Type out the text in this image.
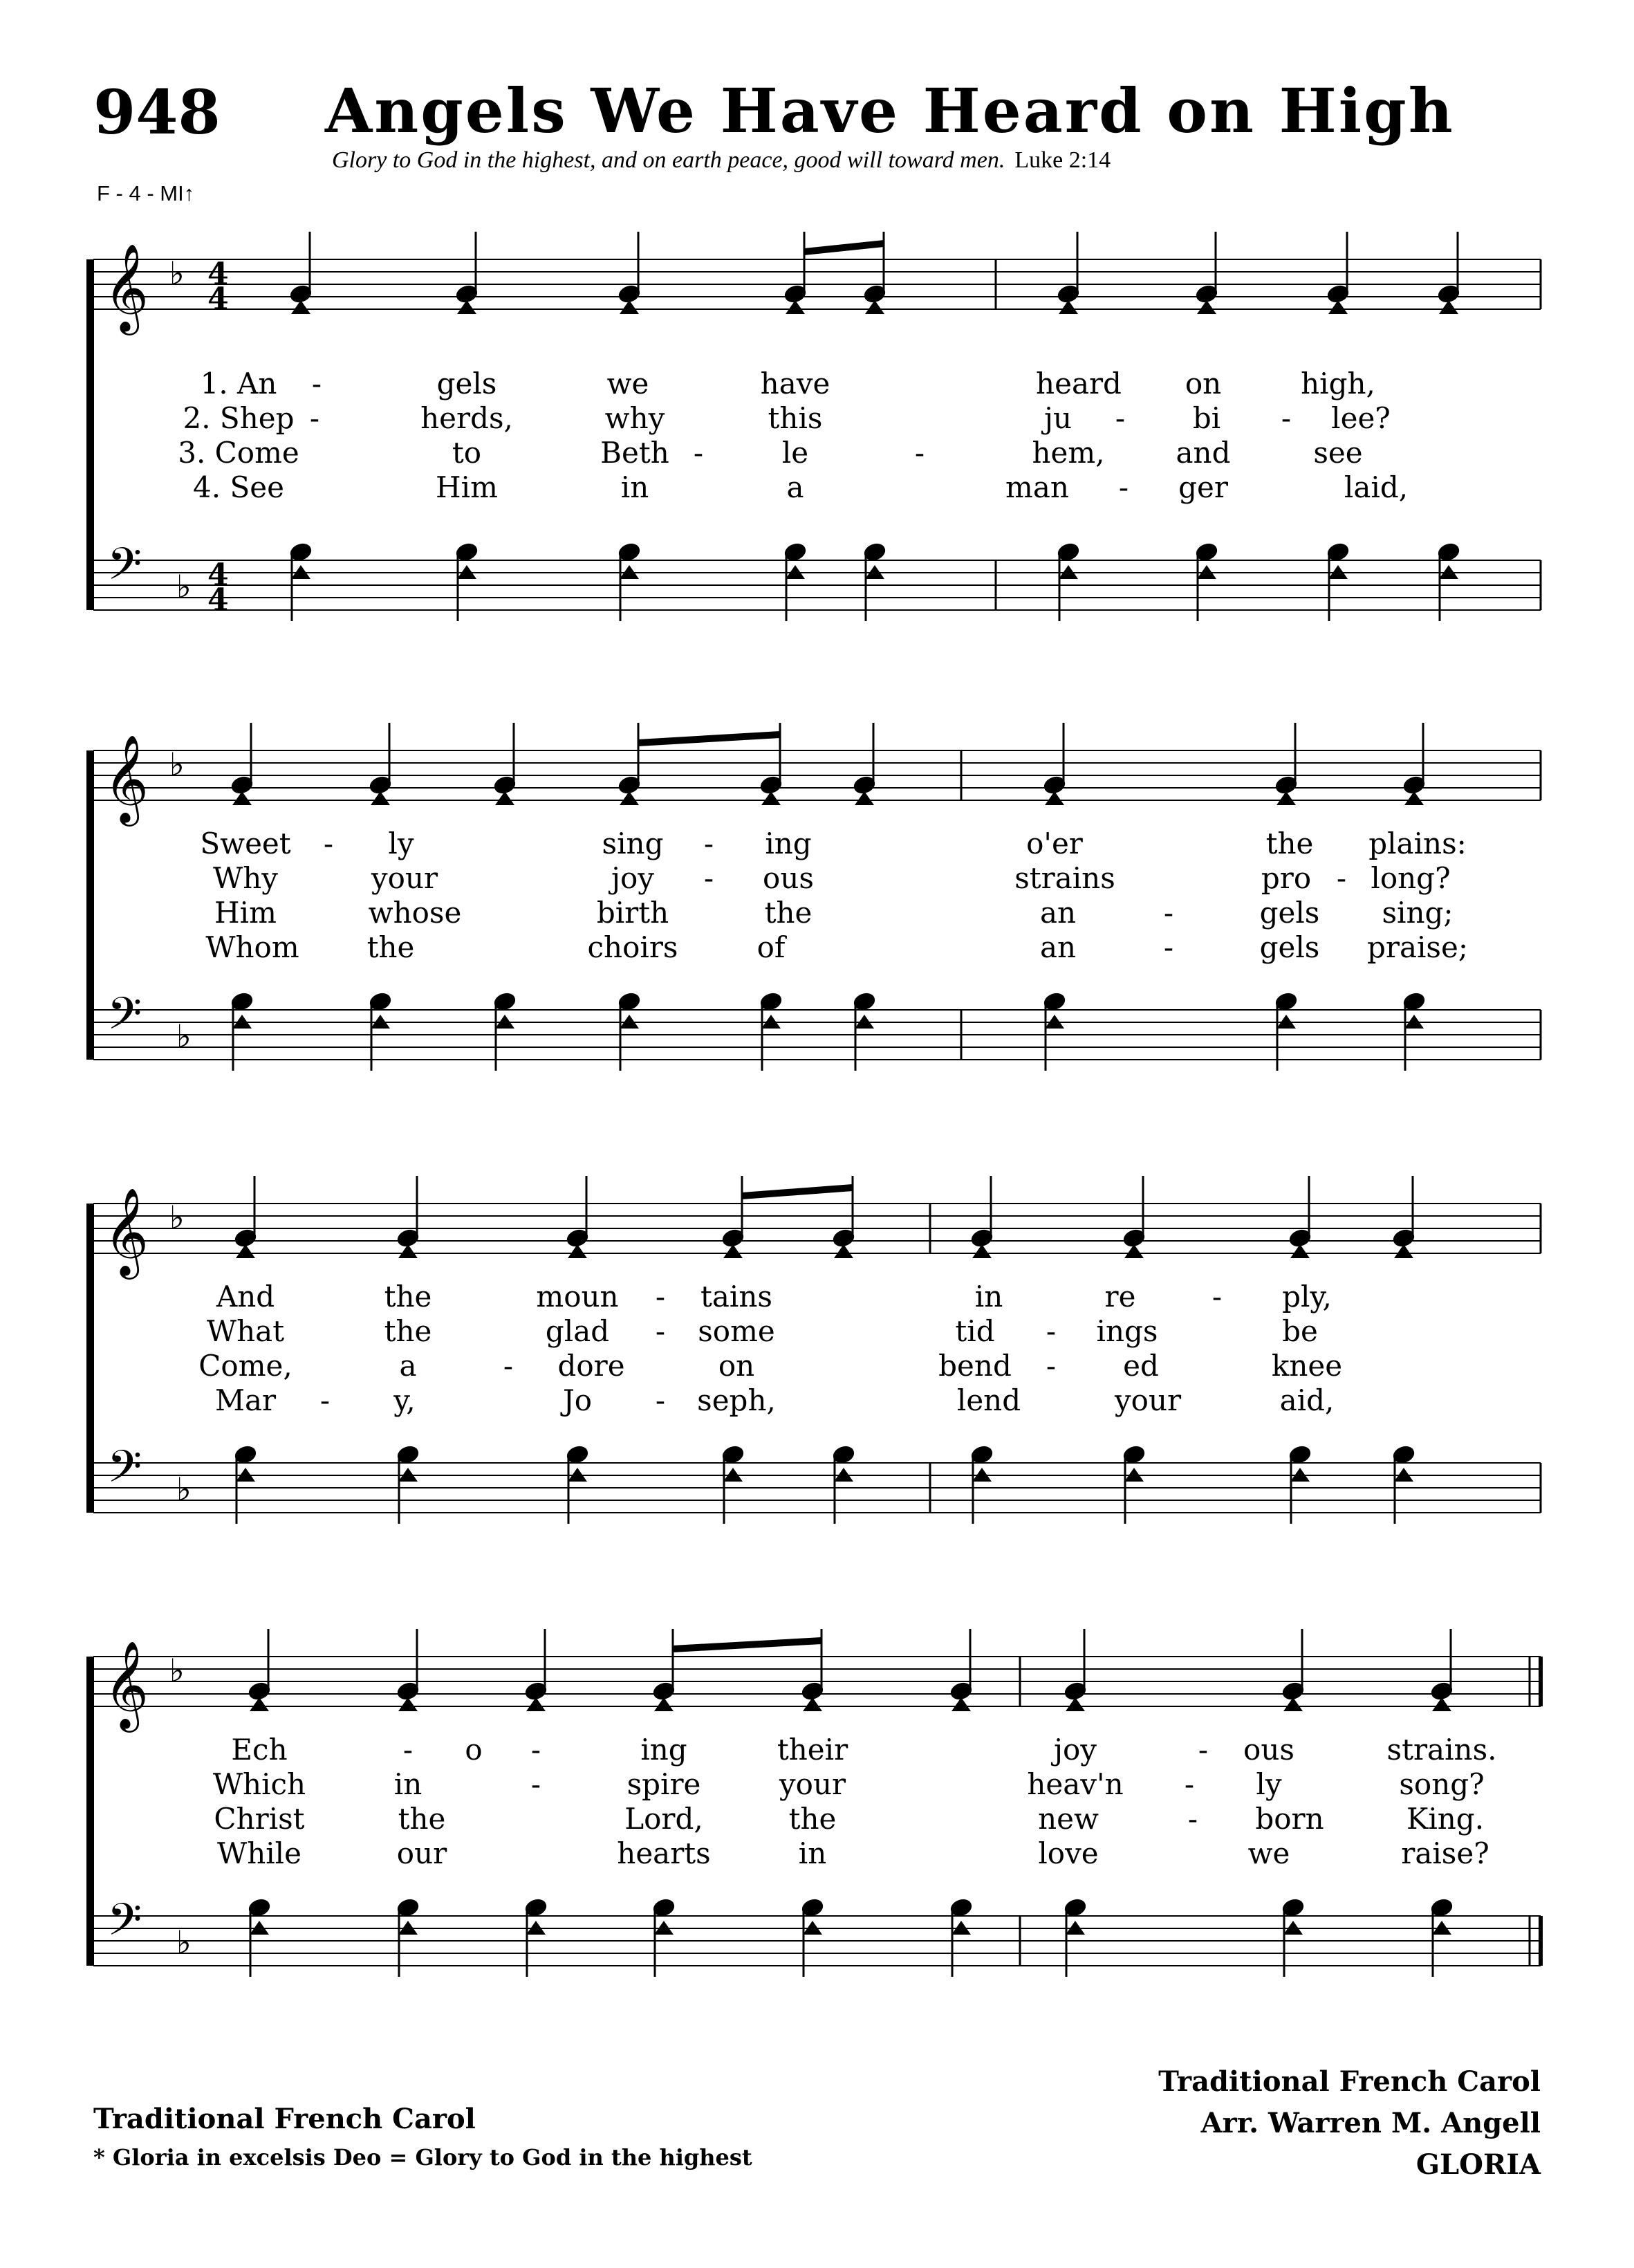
948 Angels We Have Heard on High
Glory to God in the highest, and on earth peace, good will toward men. Luke 2:14
F - 4 - MI↑
𝄞 ♭ 4
4
𝄢 ♭ 4
4
𝄞 ♭
𝄢 ♭
𝄞 ♭
𝄢 ♭
𝄞 ♭
𝄢 ♭
1. An -	gels	we	have	heard on	high,
2. Shep -	herds,	why	this	ju - bi - lee?
3. Come	to	Beth -	le	-	hem, and	see
4. See	Him	in	a	man - ger	laid,
Sweet - ly	sing - ing	o'er	the plains:
Why	your	joy - ous	strains	pro - long?
Him	whose	birth	the	an	-	gels sing;
Whom the	choirs	of	an	-	gels praise;
And	the	moun - tains	in	re	- ply,
What	the	glad - some	tid - ings	be
Come,	a	- dore	on	bend - ed	knee
Mar - y,	Jo - seph,	lend	your	aid,
Ech	- o -	ing	their	joy	- ous	strains.
Which	in	-	spire	your	heav'n - ly	song?
Christ	the	Lord,	the	new	- born	King.
While	our	hearts	in	love	we	raise?
Traditional French Carol
* Gloria in excelsis Deo = Glory to God in the highest
Traditional French Carol
Arr. Warren M. Angell
GLORIA
